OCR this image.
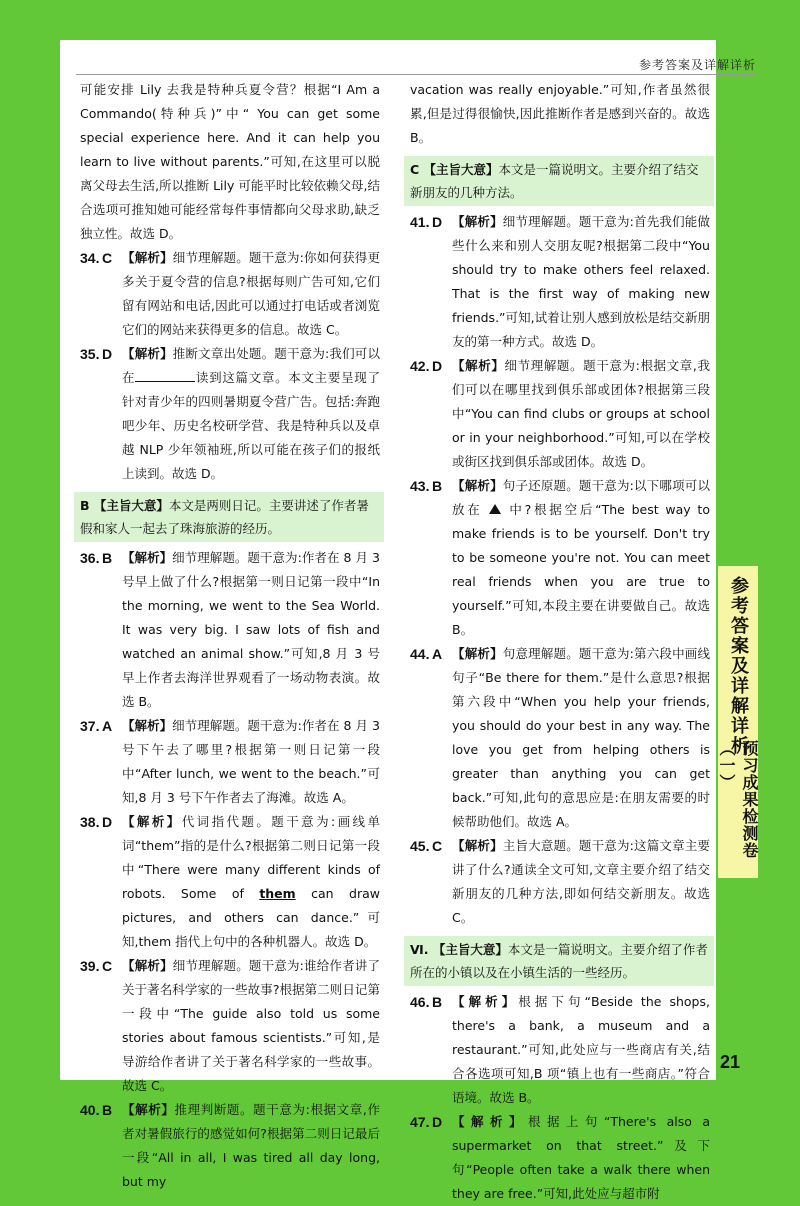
参考答案及详解详析

可能安排 Lily 去我是特种兵夏令营？根据“I Am a Commando(特种兵)”中“ You can get some special experience here. And it can help you learn to live without parents.”可知,在这里可以脱离父母去生活,所以推断 Lily 可能平时比较依赖父母,结合选项可推知她可能经常每件事情都向父母求助,缺乏独立性。故选 D。

34. C 【解析】细节理解题。题干意为:你如何获得更多关于夏令营的信息?根据每则广告可知,它们留有网站和电话,因此可以通过打电话或者浏览它们的网站来获得更多的信息。故选 C。
35. D 【解析】推断文章出处题。题干意为:我们可以在	读到这篇文章。本文主要呈现了针对青少年的四则暑期夏令营广告。包括:奔跑吧少年、历史名校研学营、我是特种兵以及卓越 NLP 少年领袖班,所以可能在孩子们的报纸上读到。故选 D。
B 【主旨大意】本文是两则日记。主要讲述了作者暑假和家人一起去了珠海旅游的经历。
36. B 【解析】细节理解题。题干意为:作者在 8 月 3 号早上做了什么?根据第一则日记第一段中“In the morning, we went to the Sea World. It was very big. I saw lots of fish and watched an animal show.”可知,8 月 3 号早上作者去海洋世界观看了一场动物表演。故选 B。
37. A 【解析】细节理解题。题干意为:作者在 8 月 3 号下午去了哪里?根据第一则日记第一段中“After lunch, we went to the beach.”可知,8 月 3 号下午作者去了海滩。故选 A。
38. D 【解析】代词指代题。题干意为:画线单词“them”指的是什么?根据第二则日记第一段中“There were many different kinds of robots. Some of them can draw pictures, and others can dance.”可知,them 指代上句中的各种机器人。故选 D。
39. C 【解析】细节理解题。题干意为:谁给作者讲了关于著名科学家的一些故事?根据第二则日记第一段中“The guide also told us some stories about famous scientists.”可知,是导游给作者讲了关于著名科学家的一些故事。故选 C。
40. B 【解析】推理判断题。题干意为:根据文章,作者对暑假旅行的感觉如何?根据第二则日记最后一段“All in all, I was tired all day long, but my

vacation was really enjoyable.”可知,作者虽然很累,但是过得很愉快,因此推断作者是感到兴奋的。故选 B。

C 【主旨大意】本文是一篇说明文。主要介绍了结交新朋友的几种方法。
41. D 【解析】细节理解题。题干意为:首先我们能做些什么来和别人交朋友呢?根据第二段中“You should try to make others feel relaxed. That is the first way of making new friends.”可知,试着让别人感到放松是结交新朋友的第一种方式。故选 D。
42. D 【解析】细节理解题。题干意为:根据文章,我们可以在哪里找到俱乐部或团体?根据第三段中“You can find clubs or groups at school or in your neighborhood.”可知,可以在学校或街区找到俱乐部或团体。故选 D。
43. B 【解析】句子还原题。题干意为:以下哪项可以放在 中?根据空后“The best way to make friends is to be yourself. Don't try to be someone you're not. You can meet real friends when you are true to yourself.”可知,本段主要在讲要做自己。故选 B。
44. A 【解析】句意理解题。题干意为:第六段中画线句子“Be there for them.”是什么意思?根据第六段中“When you help your friends, you should do your best in any way. The love you get from helping others is greater than anything you can get back.”可知,此句的意思应是:在朋友需要的时候帮助他们。故选 A。
45. C 【解析】主旨大意题。题干意为:这篇文章主要讲了什么?通读全文可知,文章主要介绍了结交新朋友的几种方法,即如何结交新朋友。故选 C。
Ⅵ. 【主旨大意】本文是一篇说明文。主要介绍了作者所在的小镇以及在小镇生活的一些经历。
46. B 【解析】根据下句“Beside the shops, there's a bank, a museum and a restaurant.”可知,此处应与一些商店有关,结合各选项可知,B 项“镇上也有一些商店。”符合语境。故选 B。
47. D 【解析】根据上句“There's also a supermarket on that street.”及下句“People often take a walk there when they are free.”可知,此处应与超市附
参考答案及详解详析
预习成果检测卷（一）
21
